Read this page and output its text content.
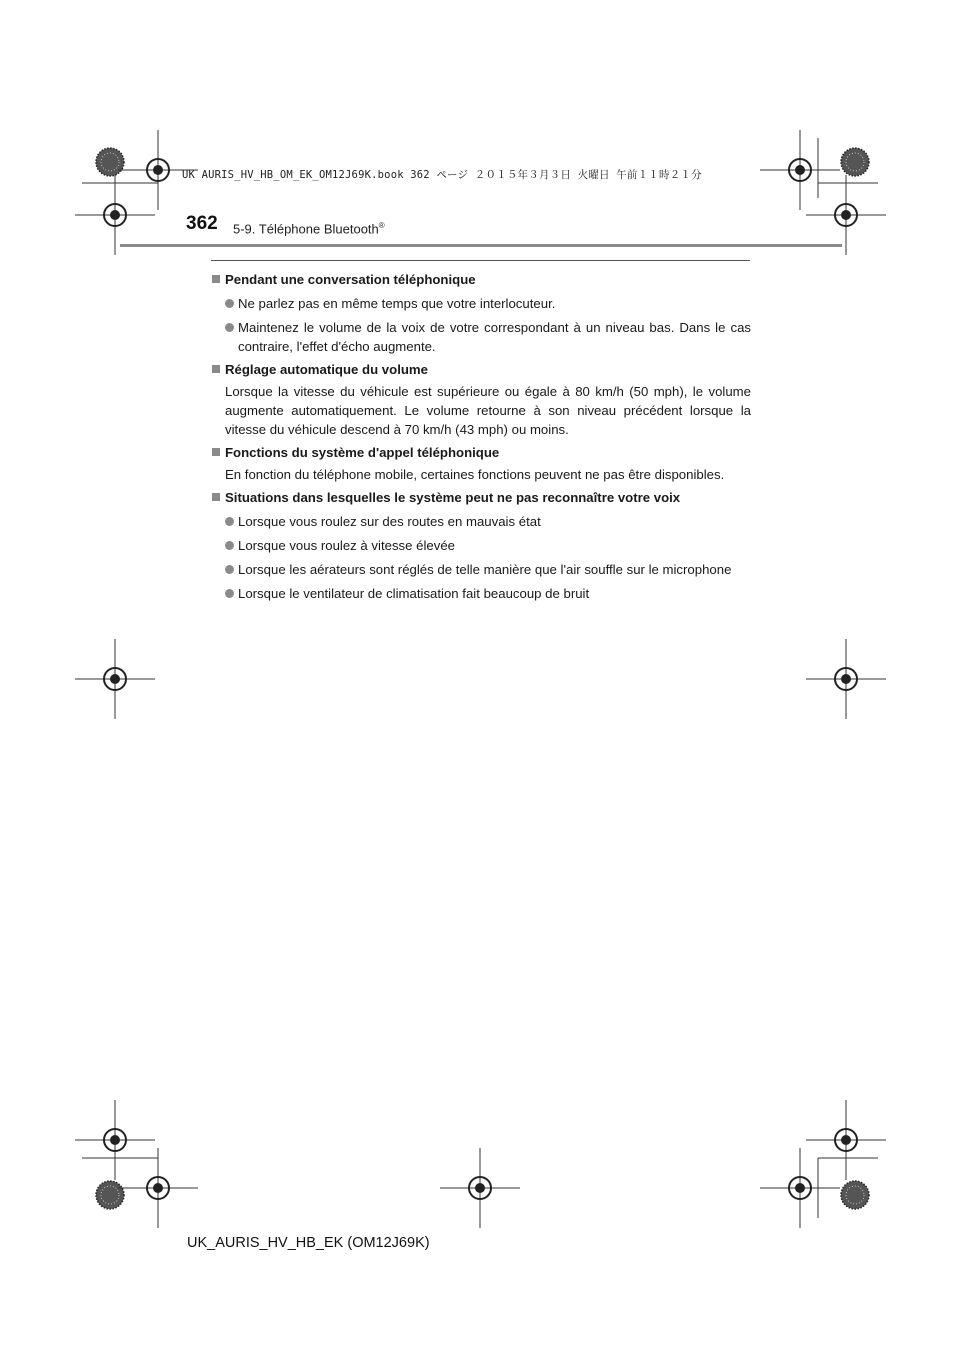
UK AURIS_HV_HB_OM_EK_OM12J69K.book 362 ページ ２０１５年３月３日 火曜日 午前１１時２１分
362 5-9. Téléphone Bluetooth®
Pendant une conversation téléphonique
Ne parlez pas en même temps que votre interlocuteur.
Maintenez le volume de la voix de votre correspondant à un niveau bas. Dans le cas contraire, l'effet d'écho augmente.
Réglage automatique du volume
Lorsque la vitesse du véhicule est supérieure ou égale à 80 km/h (50 mph), le volume augmente automatiquement. Le volume retourne à son niveau précédent lorsque la vitesse du véhicule descend à 70 km/h (43 mph) ou moins.
Fonctions du système d'appel téléphonique
En fonction du téléphone mobile, certaines fonctions peuvent ne pas être disponibles.
Situations dans lesquelles le système peut ne pas reconnaître votre voix
Lorsque vous roulez sur des routes en mauvais état
Lorsque vous roulez à vitesse élevée
Lorsque les aérateurs sont réglés de telle manière que l'air souffle sur le microphone
Lorsque le ventilateur de climatisation fait beaucoup de bruit
UK_AURIS_HV_HB_EK (OM12J69K)
